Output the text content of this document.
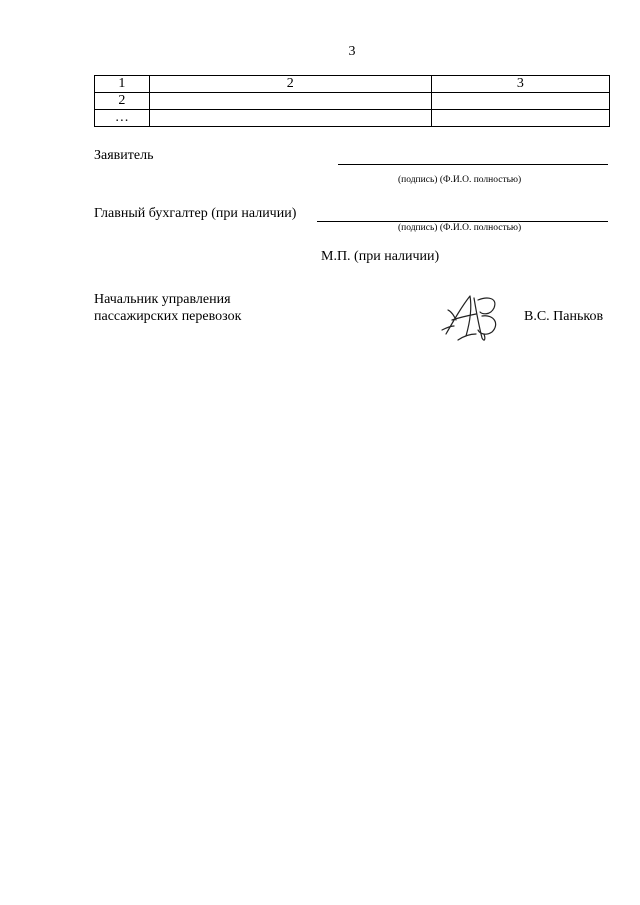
3
1	2	3
2		
…		
Заявитель
(подпись) (Ф.И.О. полностью)
Главный бухгалтер (при наличии)
(подпись) (Ф.И.О. полностью)
М.П. (при наличии)
Начальник управления
пассажирских перевозок	В.С. Паньков
